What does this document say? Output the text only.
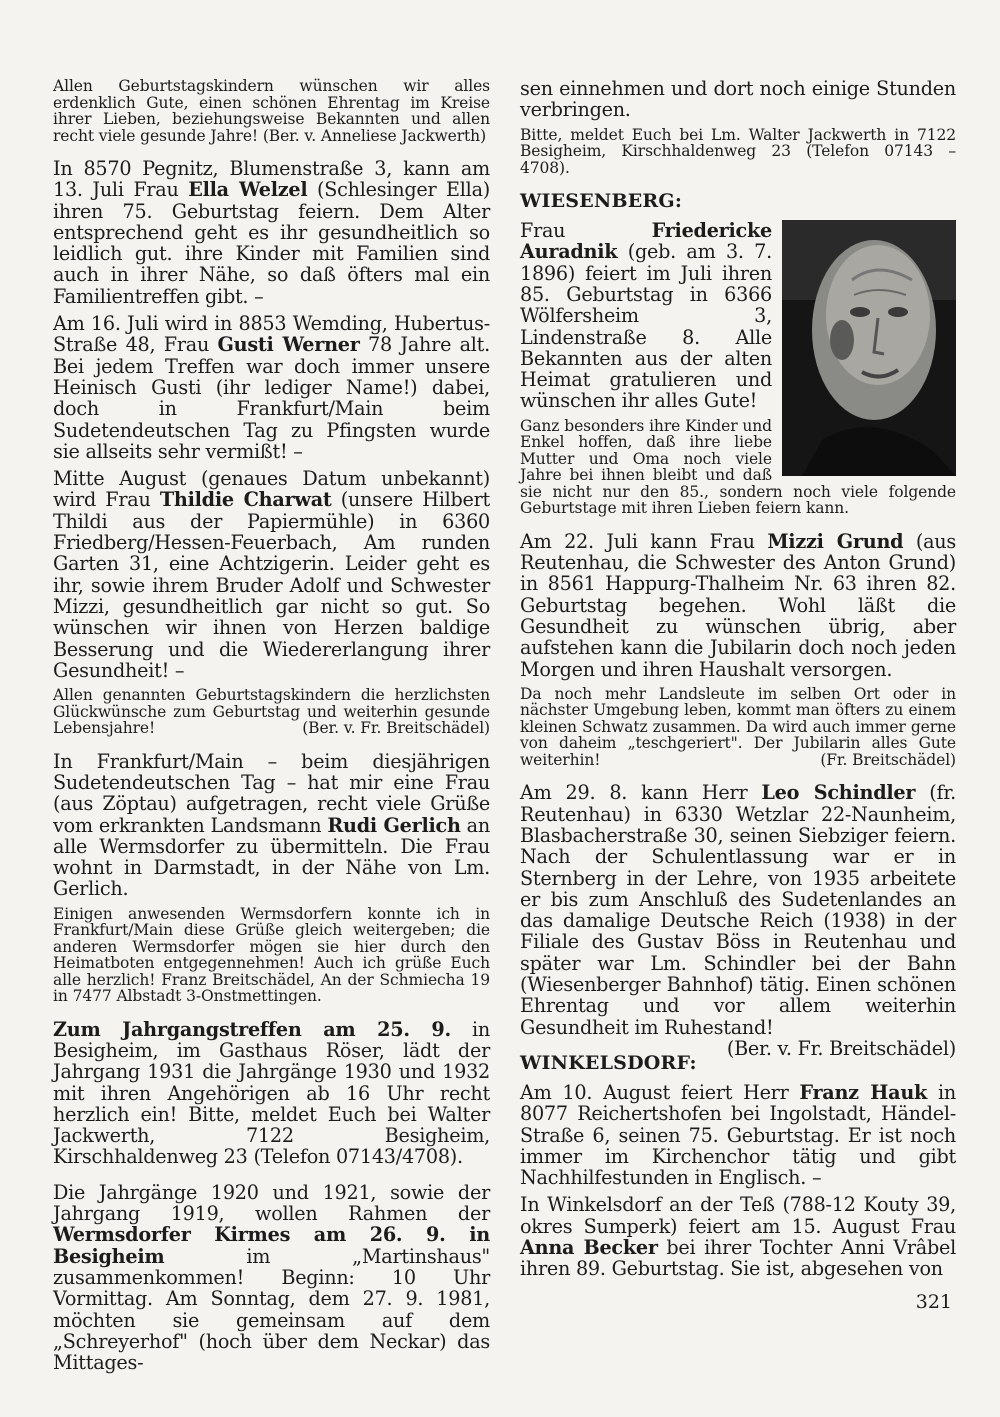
Allen Geburtstagskindern wünschen wir alles erdenklich Gute, einen schönen Ehrentag im Kreise ihrer Lieben, beziehungsweise Bekannten und allen recht viele gesunde Jahre! (Ber. v. Anneliese Jackwerth)

In 8570 Pegnitz, Blumenstraße 3, kann am 13. Juli Frau Ella Welzel (Schlesinger Ella) ihren 75. Geburtstag feiern. Dem Alter entsprechend geht es ihr gesundheitlich so leidlich gut. ihre Kinder mit Familien sind auch in ihrer Nähe, so daß öfters mal ein Familientreffen gibt. –

Am 16. Juli wird in 8853 Wemding, Hubertus-Straße 48, Frau Gusti Werner 78 Jahre alt. Bei jedem Treffen war doch immer unsere Heinisch Gusti (ihr lediger Name!) dabei, doch in Frankfurt/Main beim Sudetendeutschen Tag zu Pfingsten wurde sie allseits sehr vermißt! –

Mitte August (genaues Datum unbekannt) wird Frau Thildie Charwat (unsere Hilbert Thildi aus der Papiermühle) in 6360 Friedberg/Hessen-Feuerbach, Am runden Garten 31, eine Achtzigerin. Leider geht es ihr, sowie ihrem Bruder Adolf und Schwester Mizzi, gesundheitlich gar nicht so gut. So wünschen wir ihnen von Herzen baldige Besserung und die Wiedererlangung ihrer Gesundheit! –

Allen genannten Geburtstagskindern die herzlichsten Glückwünsche zum Geburtstag und weiterhin gesunde Lebensjahre!	(Ber. v. Fr. Breitschädel)

In Frankfurt/Main – beim diesjährigen Sudetendeutschen Tag – hat mir eine Frau (aus Zöptau) aufgetragen, recht viele Grüße vom erkrankten Landsmann Rudi Gerlich an alle Wermsdorfer zu übermitteln. Die Frau wohnt in Darmstadt, in der Nähe von Lm. Gerlich.

Einigen anwesenden Wermsdorfern konnte ich in Frankfurt/Main diese Grüße gleich weitergeben; die anderen Wermsdorfer mögen sie hier durch den Heimatboten entgegennehmen! Auch ich grüße Euch alle herzlich! Franz Breitschädel, An der Schmiecha 19 in 7477 Albstadt 3-Onstmettingen.

Zum Jahrgangstreffen am 25. 9. in Besigheim, im Gasthaus Röser, lädt der Jahrgang 1931 die Jahrgänge 1930 und 1932 mit ihren Angehörigen ab 16 Uhr recht herzlich ein! Bitte, meldet Euch bei Walter Jackwerth, 7122 Besigheim, Kirschhaldenweg 23 (Telefon 07143/4708).

Die Jahrgänge 1920 und 1921, sowie der Jahrgang 1919, wollen Rahmen der Wermsdorfer Kirmes am 26. 9. in Besigheim im „Martinshaus" zusammenkommen! Beginn: 10 Uhr Vormittag. Am Sonntag, dem 27. 9. 1981, möchten sie gemeinsam auf dem „Schreyerhof" (hoch über dem Neckar) das Mittages-

sen einnehmen und dort noch einige Stunden verbringen.

Bitte, meldet Euch bei Lm. Walter Jackwerth in 7122 Besigheim, Kirschhaldenweg 23 (Telefon 07143 – 4708).

WIESENBERG:

Frau Friedericke Auradnik (geb. am 3. 7. 1896) feiert im Juli ihren 85. Geburtstag in 6366 Wölfersheim 3, Lindenstraße 8. Alle Bekannten aus der alten Heimat gratulieren und wünschen ihr alles Gute!

Ganz besonders ihre Kinder und Enkel hoffen, daß ihre liebe Mutter und Oma noch viele Jahre bei ihnen bleibt und daß sie nicht nur den 85., sondern noch viele folgende Geburtstage mit ihren Lieben feiern kann.

Am 22. Juli kann Frau Mizzi Grund (aus Reutenhau, die Schwester des Anton Grund) in 8561 Happurg-Thalheim Nr. 63 ihren 82. Geburtstag begehen. Wohl läßt die Gesundheit zu wünschen übrig, aber aufstehen kann die Jubilarin doch noch jeden Morgen und ihren Haushalt versorgen.

Da noch mehr Landsleute im selben Ort oder in nächster Umgebung leben, kommt man öfters zu einem kleinen Schwatz zusammen. Da wird auch immer gerne von daheim „teschgeriert". Der Jubilarin alles Gute weiterhin!	(Fr. Breitschädel)

Am 29. 8. kann Herr Leo Schindler (fr. Reutenhau) in 6330 Wetzlar 22-Naunheim, Blasbacherstraße 30, seinen Siebziger feiern. Nach der Schulentlassung war er in Sternberg in der Lehre, von 1935 arbeitete er bis zum Anschluß des Sudetenlandes an das damalige Deutsche Reich (1938) in der Filiale des Gustav Böss in Reutenhau und später war Lm. Schindler bei der Bahn (Wiesenberger Bahnhof) tätig. Einen schönen Ehrentag und vor allem weiterhin Gesundheit im Ruhestand!
(Ber. v. Fr. Breitschädel)

WINKELSDORF:

Am 10. August feiert Herr Franz Hauk in 8077 Reichertshofen bei Ingolstadt, Händel-Straße 6, seinen 75. Geburtstag. Er ist noch immer im Kirchenchor tätig und gibt Nachhilfestunden in Englisch. –

In Winkelsdorf an der Teß (788-12 Kouty 39, okres Sumperk) feiert am 15. August Frau Anna Becker bei ihrer Tochter Anni Vrâbel ihren 89. Geburtstag. Sie ist, abgesehen von

321
